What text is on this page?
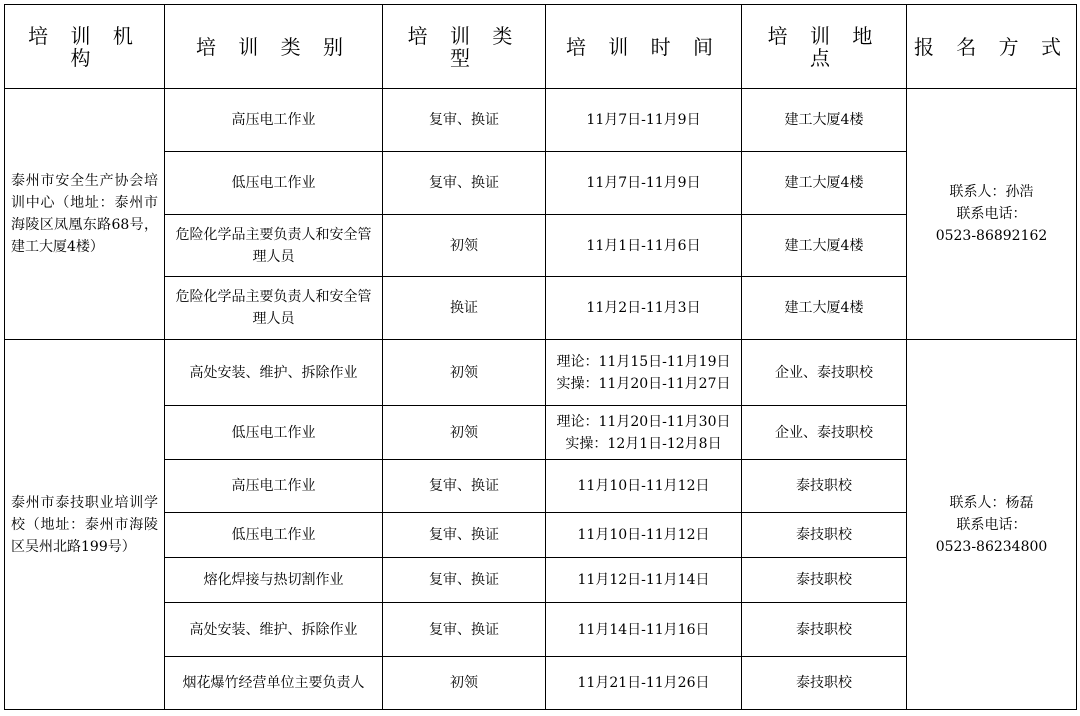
培 训 机 构	培 训 类 别	培 训 类 型	培 训 时 间	培 训 地 点	报 名 方 式

泰州市安全生产协会培训中心（地址：泰州市海陵区凤凰东路68号，建工大厦4楼）	高压电工作业	复审、换证	11月7日-11月9日	建工大厦4楼	联系人：孙浩
联系电话：
0523-86892162

	低压电工作业	复审、换证	11月7日-11月9日	建工大厦4楼	
	危险化学品主要负责人和安全管理人员	初领	11月1日-11月6日	建工大厦4楼	
	危险化学品主要负责人和安全管理人员	换证	11月2日-11月3日	建工大厦4楼	

泰州市泰技职业培训学校（地址：泰州市海陵区吴州北路199号）	高处安装、维护、拆除作业	初领	理论：11月15日-11月19日
实操：11月20日-11月27日	企业、泰技职校	联系人：杨磊
联系电话：
0523-86234800

	低压电工作业	初领	理论：11月20日-11月30日
实操：12月1日-12月8日	企业、泰技职校	
	高压电工作业	复审、换证	11月10日-11月12日	泰技职校	
	低压电工作业	复审、换证	11月10日-11月12日	泰技职校	
	熔化焊接与热切割作业	复审、换证	11月12日-11月14日	泰技职校	
	高处安装、维护、拆除作业	复审、换证	11月14日-11月16日	泰技职校	
	烟花爆竹经营单位主要负责人	初领	11月21日-11月26日	泰技职校	
